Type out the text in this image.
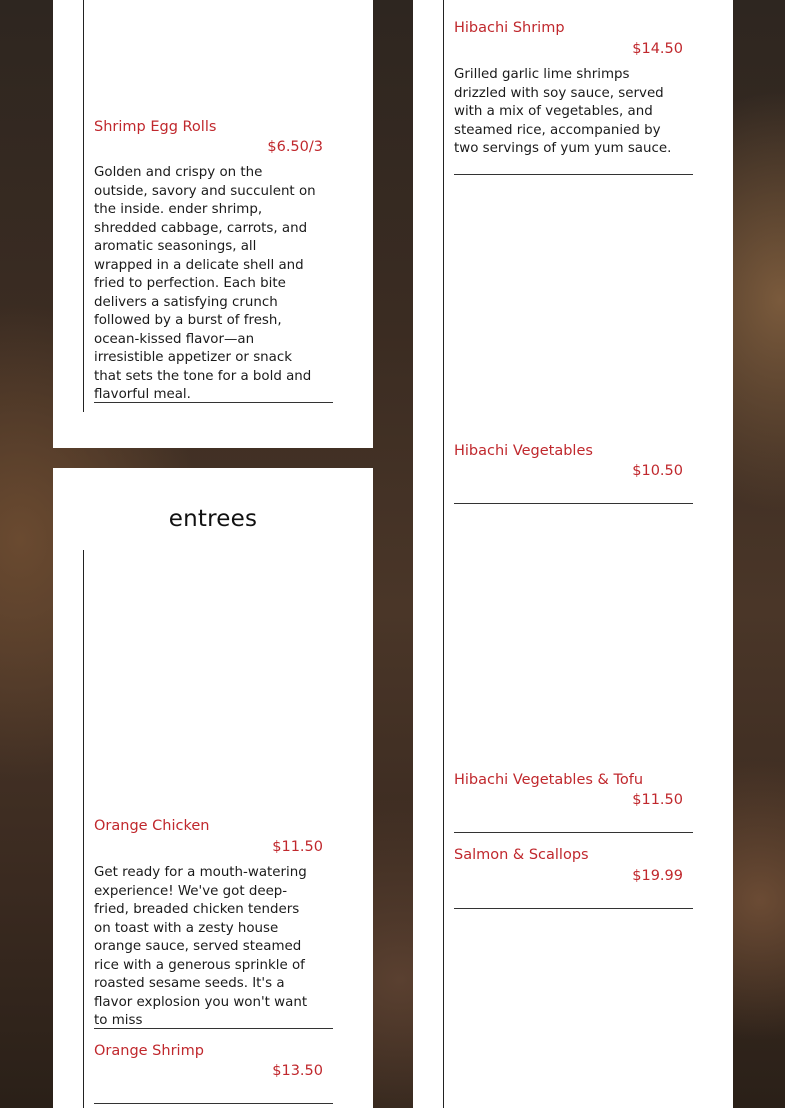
Shrimp Egg Rolls
$6.50/3
Golden and crispy on the outside, savory and succulent on the inside. ender shrimp, shredded cabbage, carrots, and aromatic seasonings, all wrapped in a delicate shell and fried to perfection. Each bite delivers a satisfying crunch followed by a burst of fresh, ocean-kissed flavor—an irresistible appetizer or snack that sets the tone for a bold and flavorful meal.
entrees
Orange Chicken
$11.50
Get ready for a mouth-watering experience! We've got deep-fried, breaded chicken tenders on toast with a zesty house orange sauce, served steamed rice with a generous sprinkle of roasted sesame seeds. It's a flavor explosion you won't want to miss
Orange Shrimp
$13.50
Hibachi Shrimp
$14.50
Grilled garlic lime shrimps drizzled with soy sauce, served with a mix of vegetables, and steamed rice, accompanied by two servings of yum yum sauce.
Hibachi Vegetables
$10.50
Hibachi Vegetables & Tofu
$11.50
Salmon & Scallops
$19.99
